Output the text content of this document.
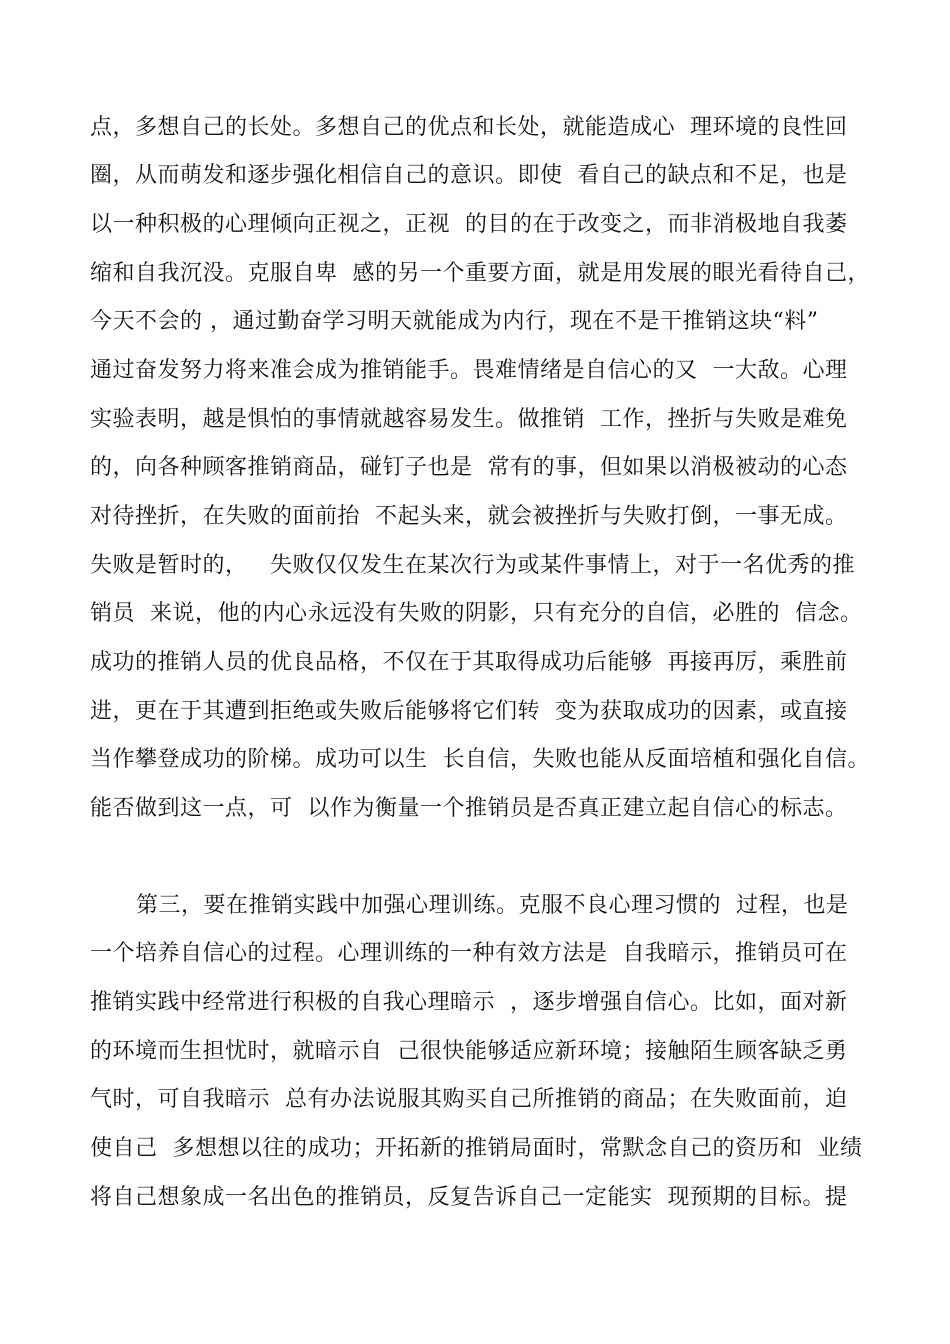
点，多想自己的长处。多想自己的优点和长处，就能造成心  理环境的良性回
圈，从而萌发和逐步强化相信自己的意识。即使  看自己的缺点和不足，也是
以一种积极的心理倾向正视之，正视  的目的在于改变之，而非消极地自我萎
缩和自我沉没。克服自卑  感的另一个重要方面，就是用发展的眼光看待自己，
今天不会的 ，通过勤奋学习明天就能成为内行，现在不是干推销这块“料”
通过奋发努力将来准会成为推销能手。畏难情绪是自信心的又  一大敌。心理
实验表明，越是惧怕的事情就越容易发生。做推销  工作，挫折与失败是难免
的，向各种顾客推销商品，碰钉子也是  常有的事，但如果以消极被动的心态
对待挫折，在失败的面前抬  不起头来，就会被挫折与失败打倒，一事无成。
失败是暂时的，   失败仅仅发生在某次行为或某件事情上，对于一名优秀的推
销员  来说，他的内心永远没有失败的阴影，只有充分的自信，必胜的  信念。
成功的推销人员的优良品格，不仅在于其取得成功后能够  再接再厉，乘胜前
进，更在于其遭到拒绝或失败后能够将它们转  变为获取成功的因素，或直接
当作攀登成功的阶梯。成功可以生  长自信，失败也能从反面培植和强化自信。
能否做到这一点，可  以作为衡量一个推销员是否真正建立起自信心的标志。
第三，要在推销实践中加强心理训练。克服不良心理习惯的  过程，也是
一个培养自信心的过程。心理训练的一种有效方法是  自我暗示，推销员可在
推销实践中经常进行积极的自我心理暗示  ，逐步增强自信心。比如，面对新
的环境而生担忧时，就暗示自  己很快能够适应新环境；接触陌生顾客缺乏勇
气时，可自我暗示  总有办法说服其购买自己所推销的商品；在失败面前，迫
使自己  多想想以往的成功；开拓新的推销局面时，常默念自己的资历和  业绩
将自己想象成一名出色的推销员，反复告诉自己一定能实  现预期的目标。提
